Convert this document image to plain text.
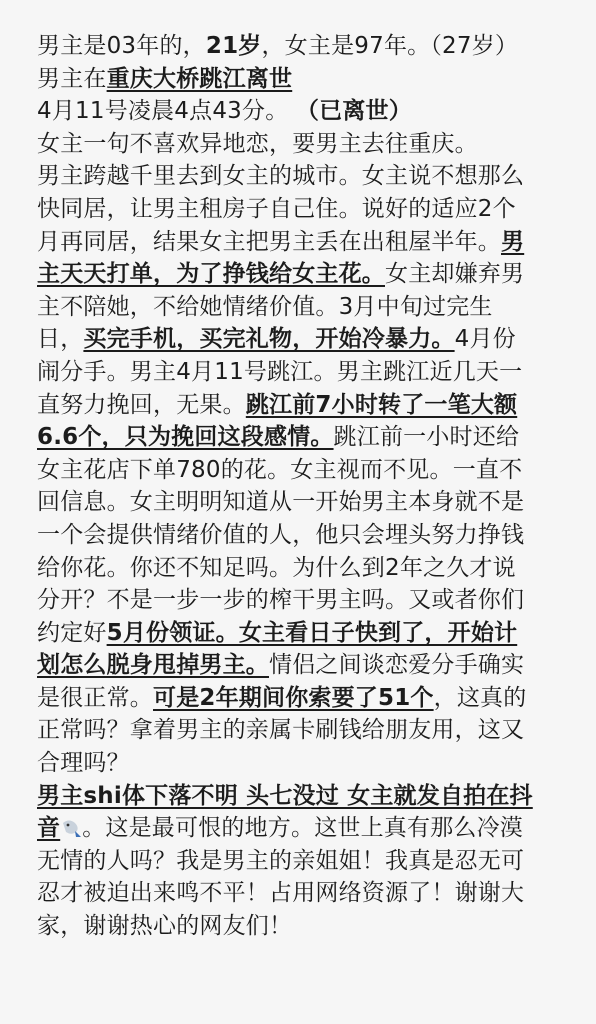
男主是03年的，21岁，女主是97年。（27岁）
男主在重庆大桥跳江离世
4月11号凌晨4点43分。 （已离世）
女主一句不喜欢异地恋，要男主去往重庆。
男主跨越千里去到女主的城市。女主说不想那么
快同居，让男主租房子自己住。说好的适应2个
月再同居，结果女主把男主丢在出租屋半年。男
主天天打单，为了挣钱给女主花。女主却嫌弃男
主不陪她，不给她情绪价值。3月中旬过完生
日，买完手机，买完礼物，开始冷暴力。4月份
闹分手。男主4月11号跳江。男主跳江近几天一
直努力挽回，无果。跳江前7小时转了一笔大额
6.6个，只为挽回这段感情。跳江前一小时还给
女主花店下单780的花。女主视而不见。一直不
回信息。女主明明知道从一开始男主本身就不是
一个会提供情绪价值的人，他只会埋头努力挣钱
给你花。你还不知足吗。为什么到2年之久才说
分开？不是一步一步的榨干男主吗。又或者你们
约定好5月份领证。女主看日子快到了，开始计
划怎么脱身甩掉男主。情侣之间谈恋爱分手确实
是很正常。可是2年期间你索要了51个，这真的
正常吗？拿着男主的亲属卡刷钱给朋友用，这又
合理吗？
男主shi体下落不明 头七没过 女主就发自拍在抖
音 。这是最可恨的地方。这世上真有那么冷漠
无情的人吗？我是男主的亲姐姐！我真是忍无可
忍才被迫出来鸣不平！占用网络资源了！谢谢大
家，谢谢热心的网友们！
